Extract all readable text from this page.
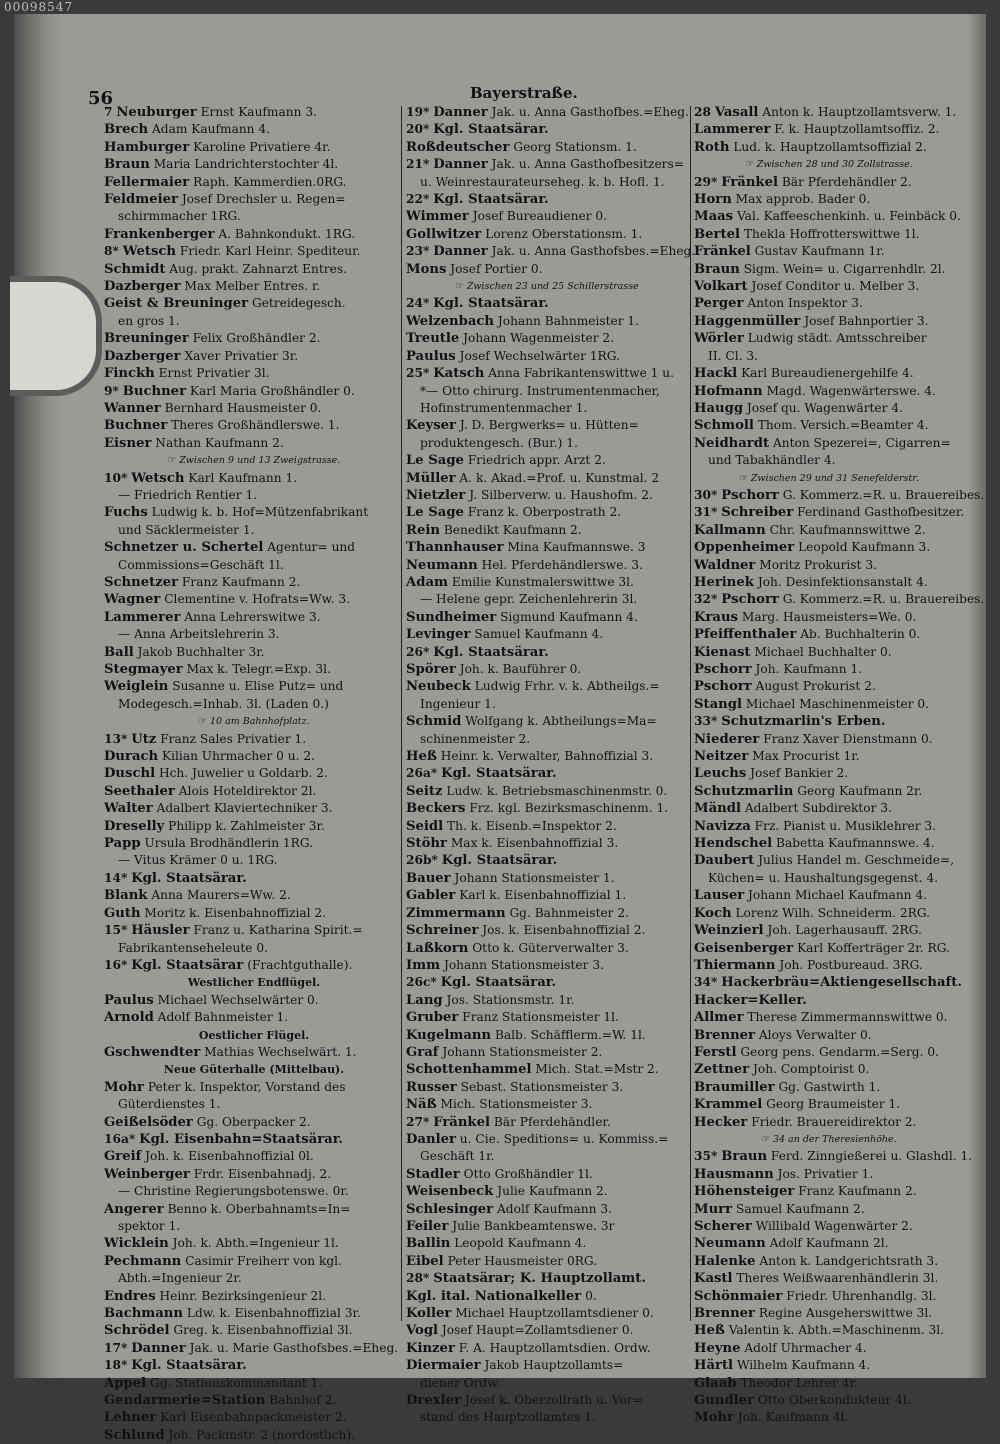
00098547
56	Bayerstraße.
7 Neuburger Ernst Kaufmann 3.
Brech Adam Kaufmann 4.
Hamburger Karoline Privatiere 4r.
Braun Maria Landrichterstochter 4l.
Fellermaier Raph. Kammerdien.0RG.
Feldmeier Josef Drechsler u. Regen=
schirmmacher 1RG.
Frankenberger A. Bahnkondukt. 1RG.
8* Wetsch Friedr. Karl Heinr. Spediteur.
Schmidt Aug. prakt. Zahnarzt Entres.
Dazberger Max Melber Entres. r.
Geist & Breuninger Getreidegesch.
en gros 1.
Breuninger Felix Großhändler 2.
Dazberger Xaver Privatier 3r.
Finckh Ernst Privatier 3l.
9* Buchner Karl Maria Großhändler 0.
Wanner Bernhard Hausmeister 0.
Buchner Theres Großhändlerswe. 1.
Eisner Nathan Kaufmann 2.
☞ Zwischen 9 und 13 Zweigstrasse.
10* Wetsch Karl Kaufmann 1.
— Friedrich Rentier 1.
Fuchs Ludwig k. b. Hof=Mützenfabrikant
und Säcklermeister 1.
Schnetzer u. Schertel Agentur= und
Commissions=Geschäft 1l.
Schnetzer Franz Kaufmann 2.
Wagner Clementine v. Hofrats=Ww. 3.
Lammerer Anna Lehrerswitwe 3.
— Anna Arbeitslehrerin 3.
Ball Jakob Buchhalter 3r.
Stegmayer Max k. Telegr.=Exp. 3l.
Weiglein Susanne u. Elise Putz= und
Modegesch.=Inhab. 3l. (Laden 0.)
☞ 10 am Bahnhofplatz.
13* Utz Franz Sales Privatier 1.
Durach Kilian Uhrmacher 0 u. 2.
Duschl Hch. Juwelier u Goldarb. 2.
Seethaler Alois Hoteldirektor 2l.
Walter Adalbert Klaviertechniker 3.
Dreselly Philipp k. Zahlmeister 3r.
Papp Ursula Brodhändlerin 1RG.
— Vitus Krämer 0 u. 1RG.
14* Kgl. Staatsärar.
Blank Anna Maurers=Ww. 2.
Guth Moritz k. Eisenbahnoffizial 2.
15* Häusler Franz u. Katharina Spirit.=
Fabrikantenseheleute 0.
16* Kgl. Staatsärar (Frachtguthalle).
Westlicher Endflügel.
Paulus Michael Wechselwärter 0.
Arnold Adolf Bahnmeister 1.
Oestlicher Flügel.
Gschwendter Mathias Wechselwärt. 1.
Neue Güterhalle (Mittelbau).
Mohr Peter k. Inspektor, Vorstand des
Güterdienstes 1.
Geißelsöder Gg. Oberpacker 2.
16a* Kgl. Eisenbahn=Staatsärar.
Greif Joh. k. Eisenbahnoffizial 0l.
Weinberger Frdr. Eisenbahnadj. 2.
— Christine Regierungsbotenswe. 0r.
Angerer Benno k. Oberbahnamts=In=
spektor 1.
Wicklein Joh. k. Abth.=Ingenieur 1l.
Pechmann Casimir Freiherr von kgl.
Abth.=Ingenieur 2r.
Endres Heinr. Bezirksingenieur 2l.
Bachmann Ldw. k. Eisenbahnoffizial 3r.
Schrödel Greg. k. Eisenbahnoffizial 3l.
17* Danner Jak. u. Marie Gasthofsbes.=Eheg.
18* Kgl. Staatsärar.
Appel Gg. Stationskommandant 1.
Gendarmerie=Station Bahnhof 2.
Lehner Karl Eisenbahnpackmeister 2.
Schlund Joh. Packmstr. 2 (nordöstlich).
19* Danner Jak. u. Anna Gasthofbes.=Eheg.
20* Kgl. Staatsärar.
Roßdeutscher Georg Stationsm. 1.
21* Danner Jak. u. Anna Gasthofbesitzers=
u. Weinrestaurateurseheg. k. b. Hofl. 1.
22* Kgl. Staatsärar.
Wimmer Josef Bureaudiener 0.
Gollwitzer Lorenz Oberstationsm. 1.
23* Danner Jak. u. Anna Gasthofsbes.=Eheg.
Mons Josef Portier 0.
☞ Zwischen 23 und 25 Schillerstrasse
24* Kgl. Staatsärar.
Welzenbach Johann Bahnmeister 1.
Treutle Johann Wagenmeister 2.
Paulus Josef Wechselwärter 1RG.
25* Katsch Anna Fabrikantenswittwe 1 u.
*— Otto chirurg. Instrumentenmacher,
Hofinstrumentenmacher 1.
Keyser J. D. Bergwerks= u. Hütten=
produktengesch. (Bur.) 1.
Le Sage Friedrich appr. Arzt 2.
Müller A. k. Akad.=Prof. u. Kunstmal. 2
Nietzler J. Silberverw. u. Haushofm. 2.
Le Sage Franz k. Oberpostrath 2.
Rein Benedikt Kaufmann 2.
Thannhauser Mina Kaufmannswe. 3
Neumann Hel. Pferdehändlerswe. 3.
Adam Emilie Kunstmalerswittwe 3l.
— Helene gepr. Zeichenlehrerin 3l.
Sundheimer Sigmund Kaufmann 4.
Levinger Samuel Kaufmann 4.
26* Kgl. Staatsärar.
Spörer Joh. k. Bauführer 0.
Neubeck Ludwig Frhr. v. k. Abtheilgs.=
Ingenieur 1.
Schmid Wolfgang k. Abtheilungs=Ma=
schinenmeister 2.
Heß Heinr. k. Verwalter, Bahnoffizial 3.
26a* Kgl. Staatsärar.
Seitz Ludw. k. Betriebsmaschinenmstr. 0.
Beckers Frz. kgl. Bezirksmaschinenm. 1.
Seidl Th. k. Eisenb.=Inspektor 2.
Stöhr Max k. Eisenbahnoffizial 3.
26b* Kgl. Staatsärar.
Bauer Johann Stationsmeister 1.
Gabler Karl k. Eisenbahnoffizial 1.
Zimmermann Gg. Bahnmeister 2.
Schreiner Jos. k. Eisenbahnoffizial 2.
Laßkorn Otto k. Güterverwalter 3.
Imm Johann Stationsmeister 3.
26c* Kgl. Staatsärar.
Lang Jos. Stationsmstr. 1r.
Gruber Franz Stationsmeister 1l.
Kugelmann Balb. Schäfflerm.=W. 1l.
Graf Johann Stationsmeister 2.
Schottenhammel Mich. Stat.=Mstr 2.
Russer Sebast. Stationsmeister 3.
Näß Mich. Stationsmeister 3.
27* Fränkel Bär Pferdehändler.
Danler u. Cie. Speditions= u. Kommiss.=
Geschäft 1r.
Stadler Otto Großhändler 1l.
Weisenbeck Julie Kaufmann 2.
Schlesinger Adolf Kaufmann 3.
Feiler Julie Bankbeamtenswe. 3r
Ballin Leopold Kaufmann 4.
Eibel Peter Hausmeister 0RG.
28* Staatsärar; K. Hauptzollamt.
Kgl. ital. Nationalkeller 0.
Koller Michael Hauptzollamtsdiener 0.
Vogl Josef Haupt=Zollamtsdiener 0.
Kinzer F. A. Hauptzollamtsdien. Ordw.
Diermaier Jakob Hauptzollamts=
diener Ordw.
Drexler Josef k. Oberzollrath u. Vor=
stand des Hauptzollamtes 1.
28 Vasall Anton k. Hauptzollamtsverw. 1.
Lammerer F. k. Hauptzollamtsoffiz. 2.
Roth Lud. k. Hauptzollamtsoffizial 2.
☞ Zwischen 28 und 30 Zollstrasse.
29* Fränkel Bär Pferdehändler 2.
Horn Max approb. Bader 0.
Maas Val. Kaffeeschenkinh. u. Feinbäck 0.
Bertel Thekla Hoffrotterswittwe 1l.
Fränkel Gustav Kaufmann 1r.
Braun Sigm. Wein= u. Cigarrenhdlr. 2l.
Volkart Josef Conditor u. Melber 3.
Perger Anton Inspektor 3.
Haggenmüller Josef Bahnportier 3.
Wörler Ludwig städt. Amtsschreiber
II. Cl. 3.
Hackl Karl Bureaudienergehilfe 4.
Hofmann Magd. Wagenwärterswe. 4.
Haugg Josef qu. Wagenwärter 4.
Schmoll Thom. Versich.=Beamter 4.
Neidhardt Anton Spezerei=, Cigarren=
und Tabakhändler 4.
☞ Zwischen 29 und 31 Senefelderstr.
30* Pschorr G. Kommerz.=R. u. Brauereibes.
31* Schreiber Ferdinand Gasthofbesitzer.
Kallmann Chr. Kaufmannswittwe 2.
Oppenheimer Leopold Kaufmann 3.
Waldner Moritz Prokurist 3.
Herinek Joh. Desinfektionsanstalt 4.
32* Pschorr G. Kommerz.=R. u. Brauereibes.
Kraus Marg. Hausmeisters=We. 0.
Pfeiffenthaler Ab. Buchhalterin 0.
Kienast Michael Buchhalter 0.
Pschorr Joh. Kaufmann 1.
Pschorr August Prokurist 2.
Stangl Michael Maschinenmeister 0.
33* Schutzmarlin's Erben.
Niederer Franz Xaver Dienstmann 0.
Neitzer Max Procurist 1r.
Leuchs Josef Bankier 2.
Schutzmarlin Georg Kaufmann 2r.
Mändl Adalbert Subdirektor 3.
Navizza Frz. Pianist u. Musiklehrer 3.
Hendschel Babetta Kaufmannswe. 4.
Daubert Julius Handel m. Geschmeide=,
Küchen= u. Haushaltungsgegenst. 4.
Lauser Johann Michael Kaufmann 4.
Koch Lorenz Wilh. Schneiderm. 2RG.
Weinzierl Joh. Lagerhausauff. 2RG.
Geisenberger Karl Kofferträger 2r. RG.
Thiermann Joh. Postbureaud. 3RG.
34* Hackerbräu=Aktiengesellschaft.
Hacker=Keller.
Allmer Therese Zimmermannswittwe 0.
Brenner Aloys Verwalter 0.
Ferstl Georg pens. Gendarm.=Serg. 0.
Zettner Joh. Comptoirist 0.
Braumiller Gg. Gastwirth 1.
Krammel Georg Braumeister 1.
Hecker Friedr. Brauereidirektor 2.
☞ 34 an der Theresienhöhe.
35* Braun Ferd. Zinngießerei u. Glashdl. 1.
Hausmann Jos. Privatier 1.
Höhensteiger Franz Kaufmann 2.
Murr Samuel Kaufmann 2.
Scherer Willibald Wagenwärter 2.
Neumann Adolf Kaufmann 2l.
Halenke Anton k. Landgerichtsrath 3.
Kastl Theres Weißwaarenhändlerin 3l.
Schönmaier Friedr. Uhrenhandlg. 3l.
Brenner Regine Ausgeherswittwe 3l.
Heß Valentin k. Abth.=Maschinenm. 3l.
Heyne Adolf Uhrmacher 4.
Härtl Wilhelm Kaufmann 4.
Glaab Theodor Lehrer 4r.
Gundler Otto Oberkondukteur 4l.
Mohr Joh. Kaufmann 4l.
